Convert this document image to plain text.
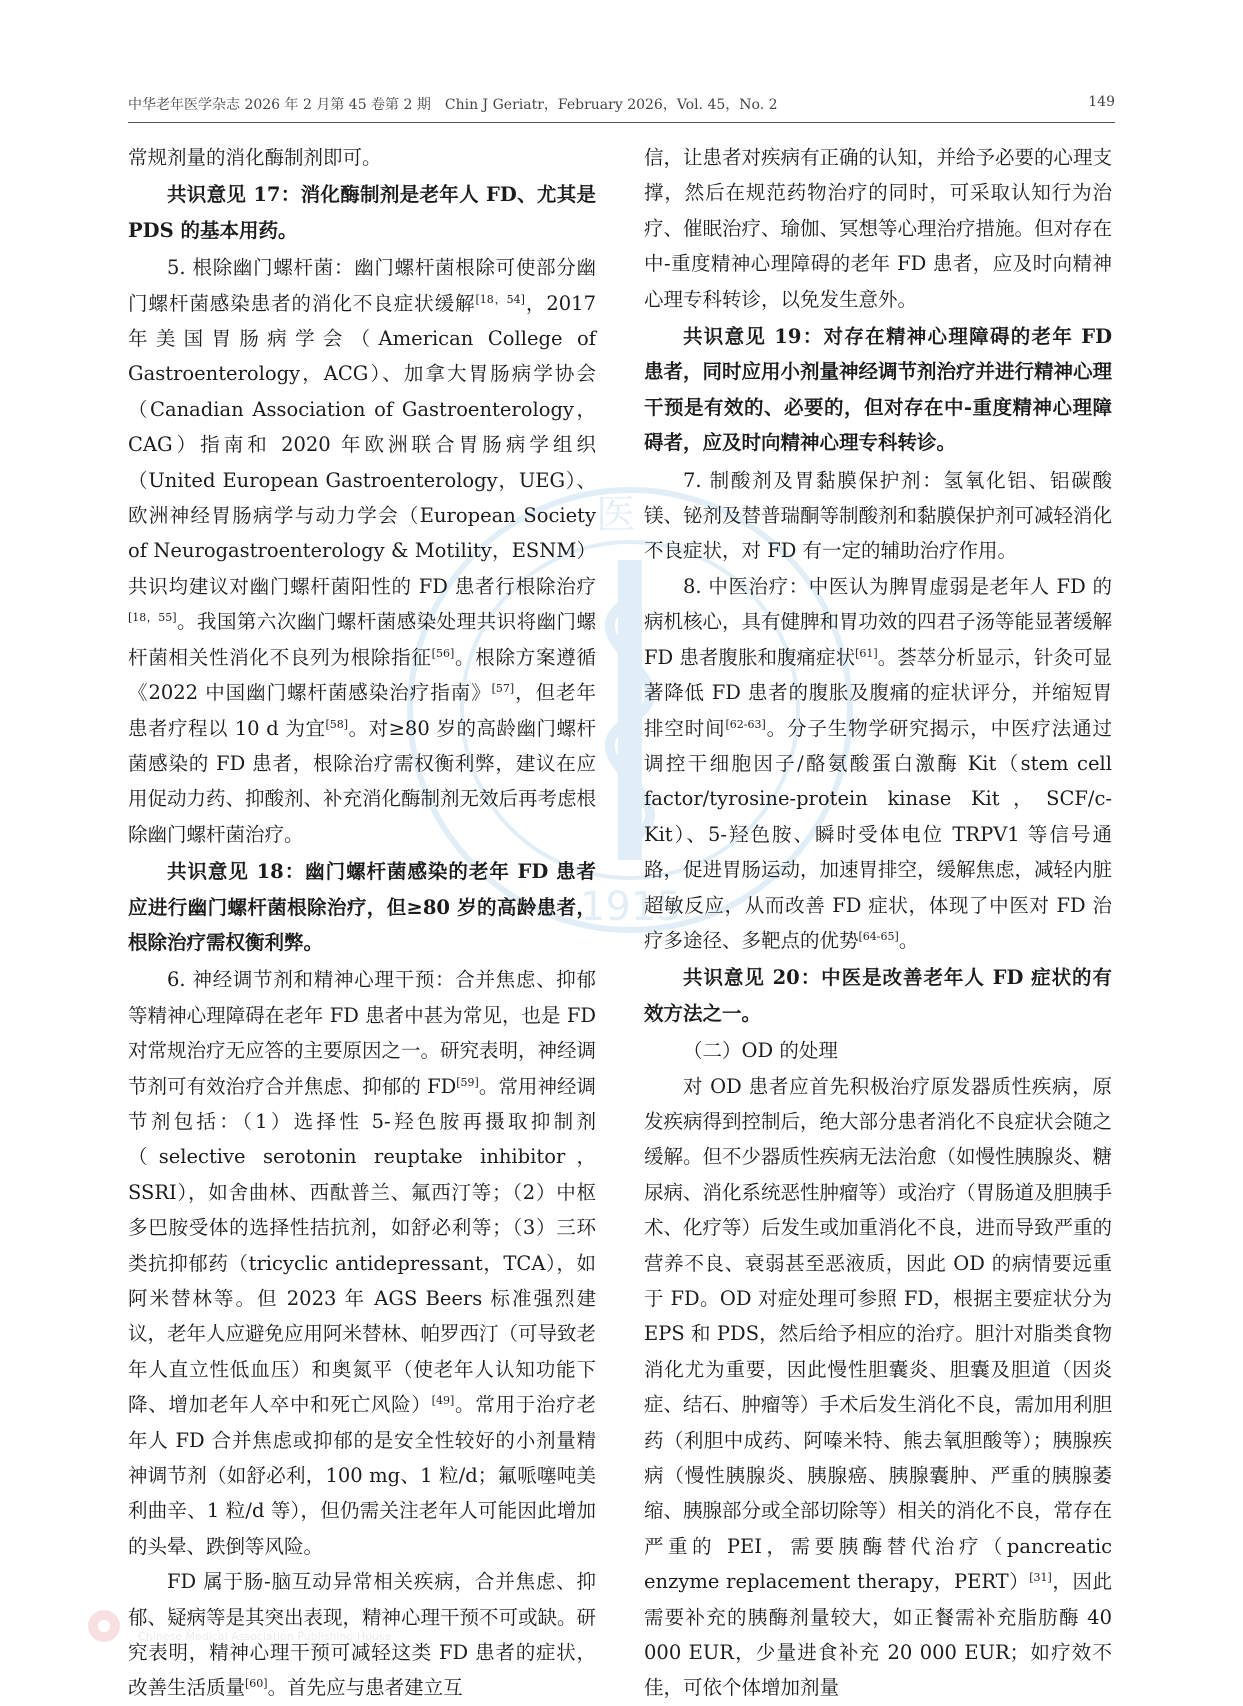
中华老年医学杂志 2026 年 2 月第 45 卷第 2 期　Chin J Geriatr，February 2026，Vol. 45，No. 2	149
医
1915

常规剂量的消化酶制剂即可。

共识意见 17：消化酶制剂是老年人 FD、尤其是 PDS 的基本用药。

5. 根除幽门螺杆菌：幽门螺杆菌根除可使部分幽门螺杆菌感染患者的消化不良症状缓解[18，54]，2017 年美国胃肠病学会（American College of Gastroenterology，ACG）、加拿大胃肠病学协会（Canadian Association of Gastroenterology，CAG）指南和 2020 年欧洲联合胃肠病学组织（United European Gastroenterology，UEG）、欧洲神经胃肠病学与动力学会（European Society of Neurogastroenterology & Motility，ESNM）共识均建议对幽门螺杆菌阳性的 FD 患者行根除治疗[18，55]。我国第六次幽门螺杆菌感染处理共识将幽门螺杆菌相关性消化不良列为根除指征[56]。根除方案遵循《2022 中国幽门螺杆菌感染治疗指南》[57]，但老年患者疗程以 10 d 为宜[58]。对≥80 岁的高龄幽门螺杆菌感染的 FD 患者，根除治疗需权衡利弊，建议在应用促动力药、抑酸剂、补充消化酶制剂无效后再考虑根除幽门螺杆菌治疗。

共识意见 18：幽门螺杆菌感染的老年 FD 患者应进行幽门螺杆菌根除治疗，但≥80 岁的高龄患者，根除治疗需权衡利弊。

6. 神经调节剂和精神心理干预：合并焦虑、抑郁等精神心理障碍在老年 FD 患者中甚为常见，也是 FD 对常规治疗无应答的主要原因之一。研究表明，神经调节剂可有效治疗合并焦虑、抑郁的 FD[59]。常用神经调节剂包括：（1）选择性 5-羟色胺再摄取抑制剂（selective serotonin reuptake inhibitor，SSRI），如舍曲林、西酞普兰、氟西汀等；（2）中枢多巴胺受体的选择性拮抗剂，如舒必利等；（3）三环类抗抑郁药（tricyclic antidepressant，TCA），如阿米替林等。但 2023 年 AGS Beers 标准强烈建议，老年人应避免应用阿米替林、帕罗西汀（可导致老年人直立性低血压）和奥氮平（使老年人认知功能下降、增加老年人卒中和死亡风险）[49]。常用于治疗老年人 FD 合并焦虑或抑郁的是安全性较好的小剂量精神调节剂（如舒必利，100 mg、1 粒/d；氟哌噻吨美利曲辛、1 粒/d 等），但仍需关注老年人可能因此增加的头晕、跌倒等风险。

FD 属于肠-脑互动异常相关疾病，合并焦虑、抑郁、疑病等是其突出表现，精神心理干预不可或缺。研究表明，精神心理干预可减轻这类 FD 患者的症状，改善生活质量[60]。首先应与患者建立互

信，让患者对疾病有正确的认知，并给予必要的心理支撑，然后在规范药物治疗的同时，可采取认知行为治疗、催眠治疗、瑜伽、冥想等心理治疗措施。但对存在中-重度精神心理障碍的老年 FD 患者，应及时向精神心理专科转诊，以免发生意外。

共识意见 19：对存在精神心理障碍的老年 FD 患者，同时应用小剂量神经调节剂治疗并进行精神心理干预是有效的、必要的，但对存在中-重度精神心理障碍者，应及时向精神心理专科转诊。

7. 制酸剂及胃黏膜保护剂：氢氧化铝、铝碳酸镁、铋剂及替普瑞酮等制酸剂和黏膜保护剂可减轻消化不良症状，对 FD 有一定的辅助治疗作用。

8. 中医治疗：中医认为脾胃虚弱是老年人 FD 的病机核心，具有健脾和胃功效的四君子汤等能显著缓解 FD 患者腹胀和腹痛症状[61]。荟萃分析显示，针灸可显著降低 FD 患者的腹胀及腹痛的症状评分，并缩短胃排空时间[62-63]。分子生物学研究揭示，中医疗法通过调控干细胞因子/酪氨酸蛋白激酶 Kit（stem cell factor/tyrosine-protein kinase Kit，SCF/c-Kit）、5-羟色胺、瞬时受体电位 TRPV1 等信号通路，促进胃肠运动，加速胃排空，缓解焦虑，减轻内脏超敏反应，从而改善 FD 症状，体现了中医对 FD 治疗多途径、多靶点的优势[64-65]。

共识意见 20：中医是改善老年人 FD 症状的有效方法之一。

（二）OD 的处理

对 OD 患者应首先积极治疗原发器质性疾病，原发疾病得到控制后，绝大部分患者消化不良症状会随之缓解。但不少器质性疾病无法治愈（如慢性胰腺炎、糖尿病、消化系统恶性肿瘤等）或治疗（胃肠道及胆胰手术、化疗等）后发生或加重消化不良，进而导致严重的营养不良、衰弱甚至恶液质，因此 OD 的病情要远重于 FD。OD 对症处理可参照 FD，根据主要症状分为 EPS 和 PDS，然后给予相应的治疗。胆汁对脂类食物消化尤为重要，因此慢性胆囊炎、胆囊及胆道（因炎症、结石、肿瘤等）手术后发生消化不良，需加用利胆药（利胆中成药、阿嗪米特、熊去氧胆酸等）；胰腺疾病（慢性胰腺炎、胰腺癌、胰腺囊肿、严重的胰腺萎缩、胰腺部分或全部切除等）相关的消化不良，常存在严重的 PEI，需要胰酶替代治疗（pancreatic enzyme replacement therapy，PERT）[31]，因此需要补充的胰酶剂量较大，如正餐需补充脂肪酶 40 000 EUR，少量进食补充 20 000 EUR；如疗效不佳，可依个体增加剂量

Chinese Medical Association Publishing House
